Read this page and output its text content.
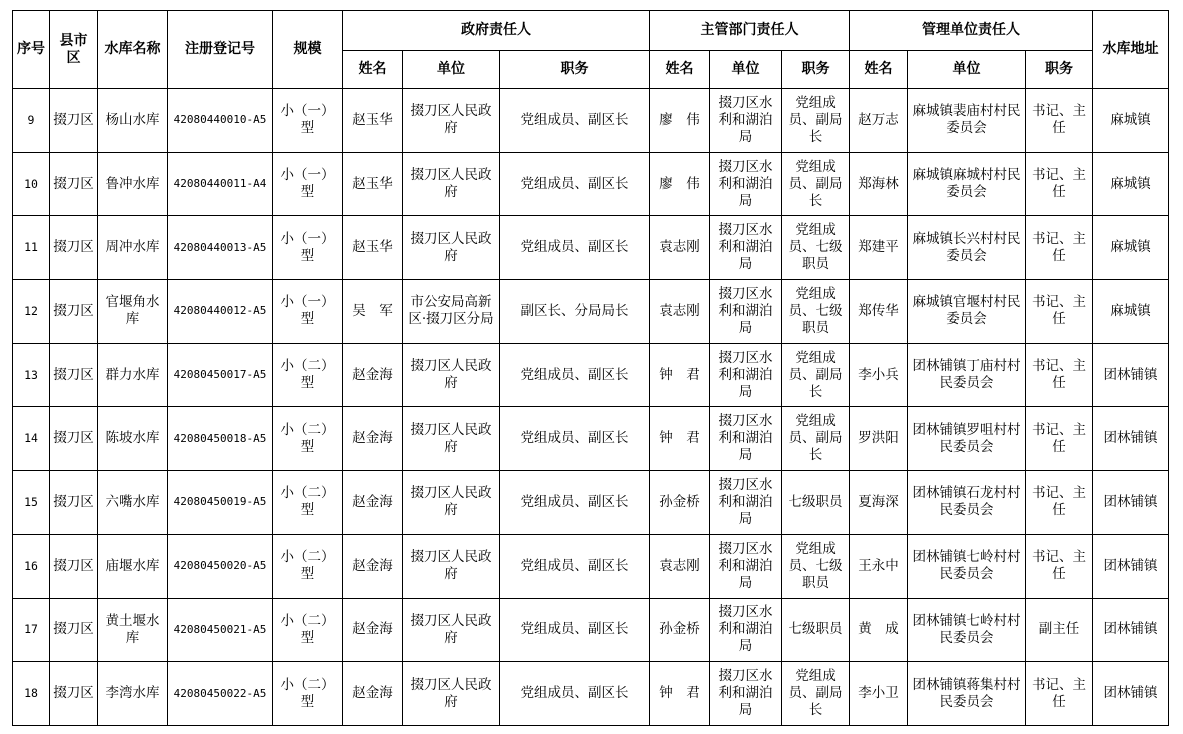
序号	县市区	水库名称	注册登记号	规模	政府责任人			主管部门责任人			管理单位责任人			水库地址
					姓名	单位	职务	姓名	单位	职务	姓名	单位	职务	
9	掇刀区	杨山水库	42080440010-A5	小（一）型	赵玉华	掇刀区人民政府	党组成员、副区长	廖　伟	掇刀区水利和湖泊局	党组成员、副局长	赵万志	麻城镇裴庙村村民委员会	书记、主任	麻城镇
10	掇刀区	鲁冲水库	42080440011-A4	小（一）型	赵玉华	掇刀区人民政府	党组成员、副区长	廖　伟	掇刀区水利和湖泊局	党组成员、副局长	郑海林	麻城镇麻城村村民委员会	书记、主任	麻城镇
11	掇刀区	周冲水库	42080440013-A5	小（一）型	赵玉华	掇刀区人民政府	党组成员、副区长	袁志刚	掇刀区水利和湖泊局	党组成员、七级职员	郑建平	麻城镇长兴村村民委员会	书记、主任	麻城镇
12	掇刀区	官堰角水库	42080440012-A5	小（一）型	吴　军	市公安局高新区·掇刀区分局	副区长、分局局长	袁志刚	掇刀区水利和湖泊局	党组成员、七级职员	郑传华	麻城镇官堰村村民委员会	书记、主任	麻城镇
13	掇刀区	群力水库	42080450017-A5	小（二）型	赵金海	掇刀区人民政府	党组成员、副区长	钟　君	掇刀区水利和湖泊局	党组成员、副局长	李小兵	团林铺镇丁庙村村民委员会	书记、主任	团林铺镇
14	掇刀区	陈坡水库	42080450018-A5	小（二）型	赵金海	掇刀区人民政府	党组成员、副区长	钟　君	掇刀区水利和湖泊局	党组成员、副局长	罗洪阳	团林铺镇罗咀村村民委员会	书记、主任	团林铺镇
15	掇刀区	六嘴水库	42080450019-A5	小（二）型	赵金海	掇刀区人民政府	党组成员、副区长	孙金桥	掇刀区水利和湖泊局	七级职员	夏海深	团林铺镇石龙村村民委员会	书记、主任	团林铺镇
16	掇刀区	庙堰水库	42080450020-A5	小（二）型	赵金海	掇刀区人民政府	党组成员、副区长	袁志刚	掇刀区水利和湖泊局	党组成员、七级职员	王永中	团林铺镇七岭村村民委员会	书记、主任	团林铺镇
17	掇刀区	黄土堰水库	42080450021-A5	小（二）型	赵金海	掇刀区人民政府	党组成员、副区长	孙金桥	掇刀区水利和湖泊局	七级职员	黄　成	团林铺镇七岭村村民委员会	副主任	团林铺镇
18	掇刀区	李湾水库	42080450022-A5	小（二）型	赵金海	掇刀区人民政府	党组成员、副区长	钟　君	掇刀区水利和湖泊局	党组成员、副局长	李小卫	团林铺镇蒋集村村民委员会	书记、主任	团林铺镇
